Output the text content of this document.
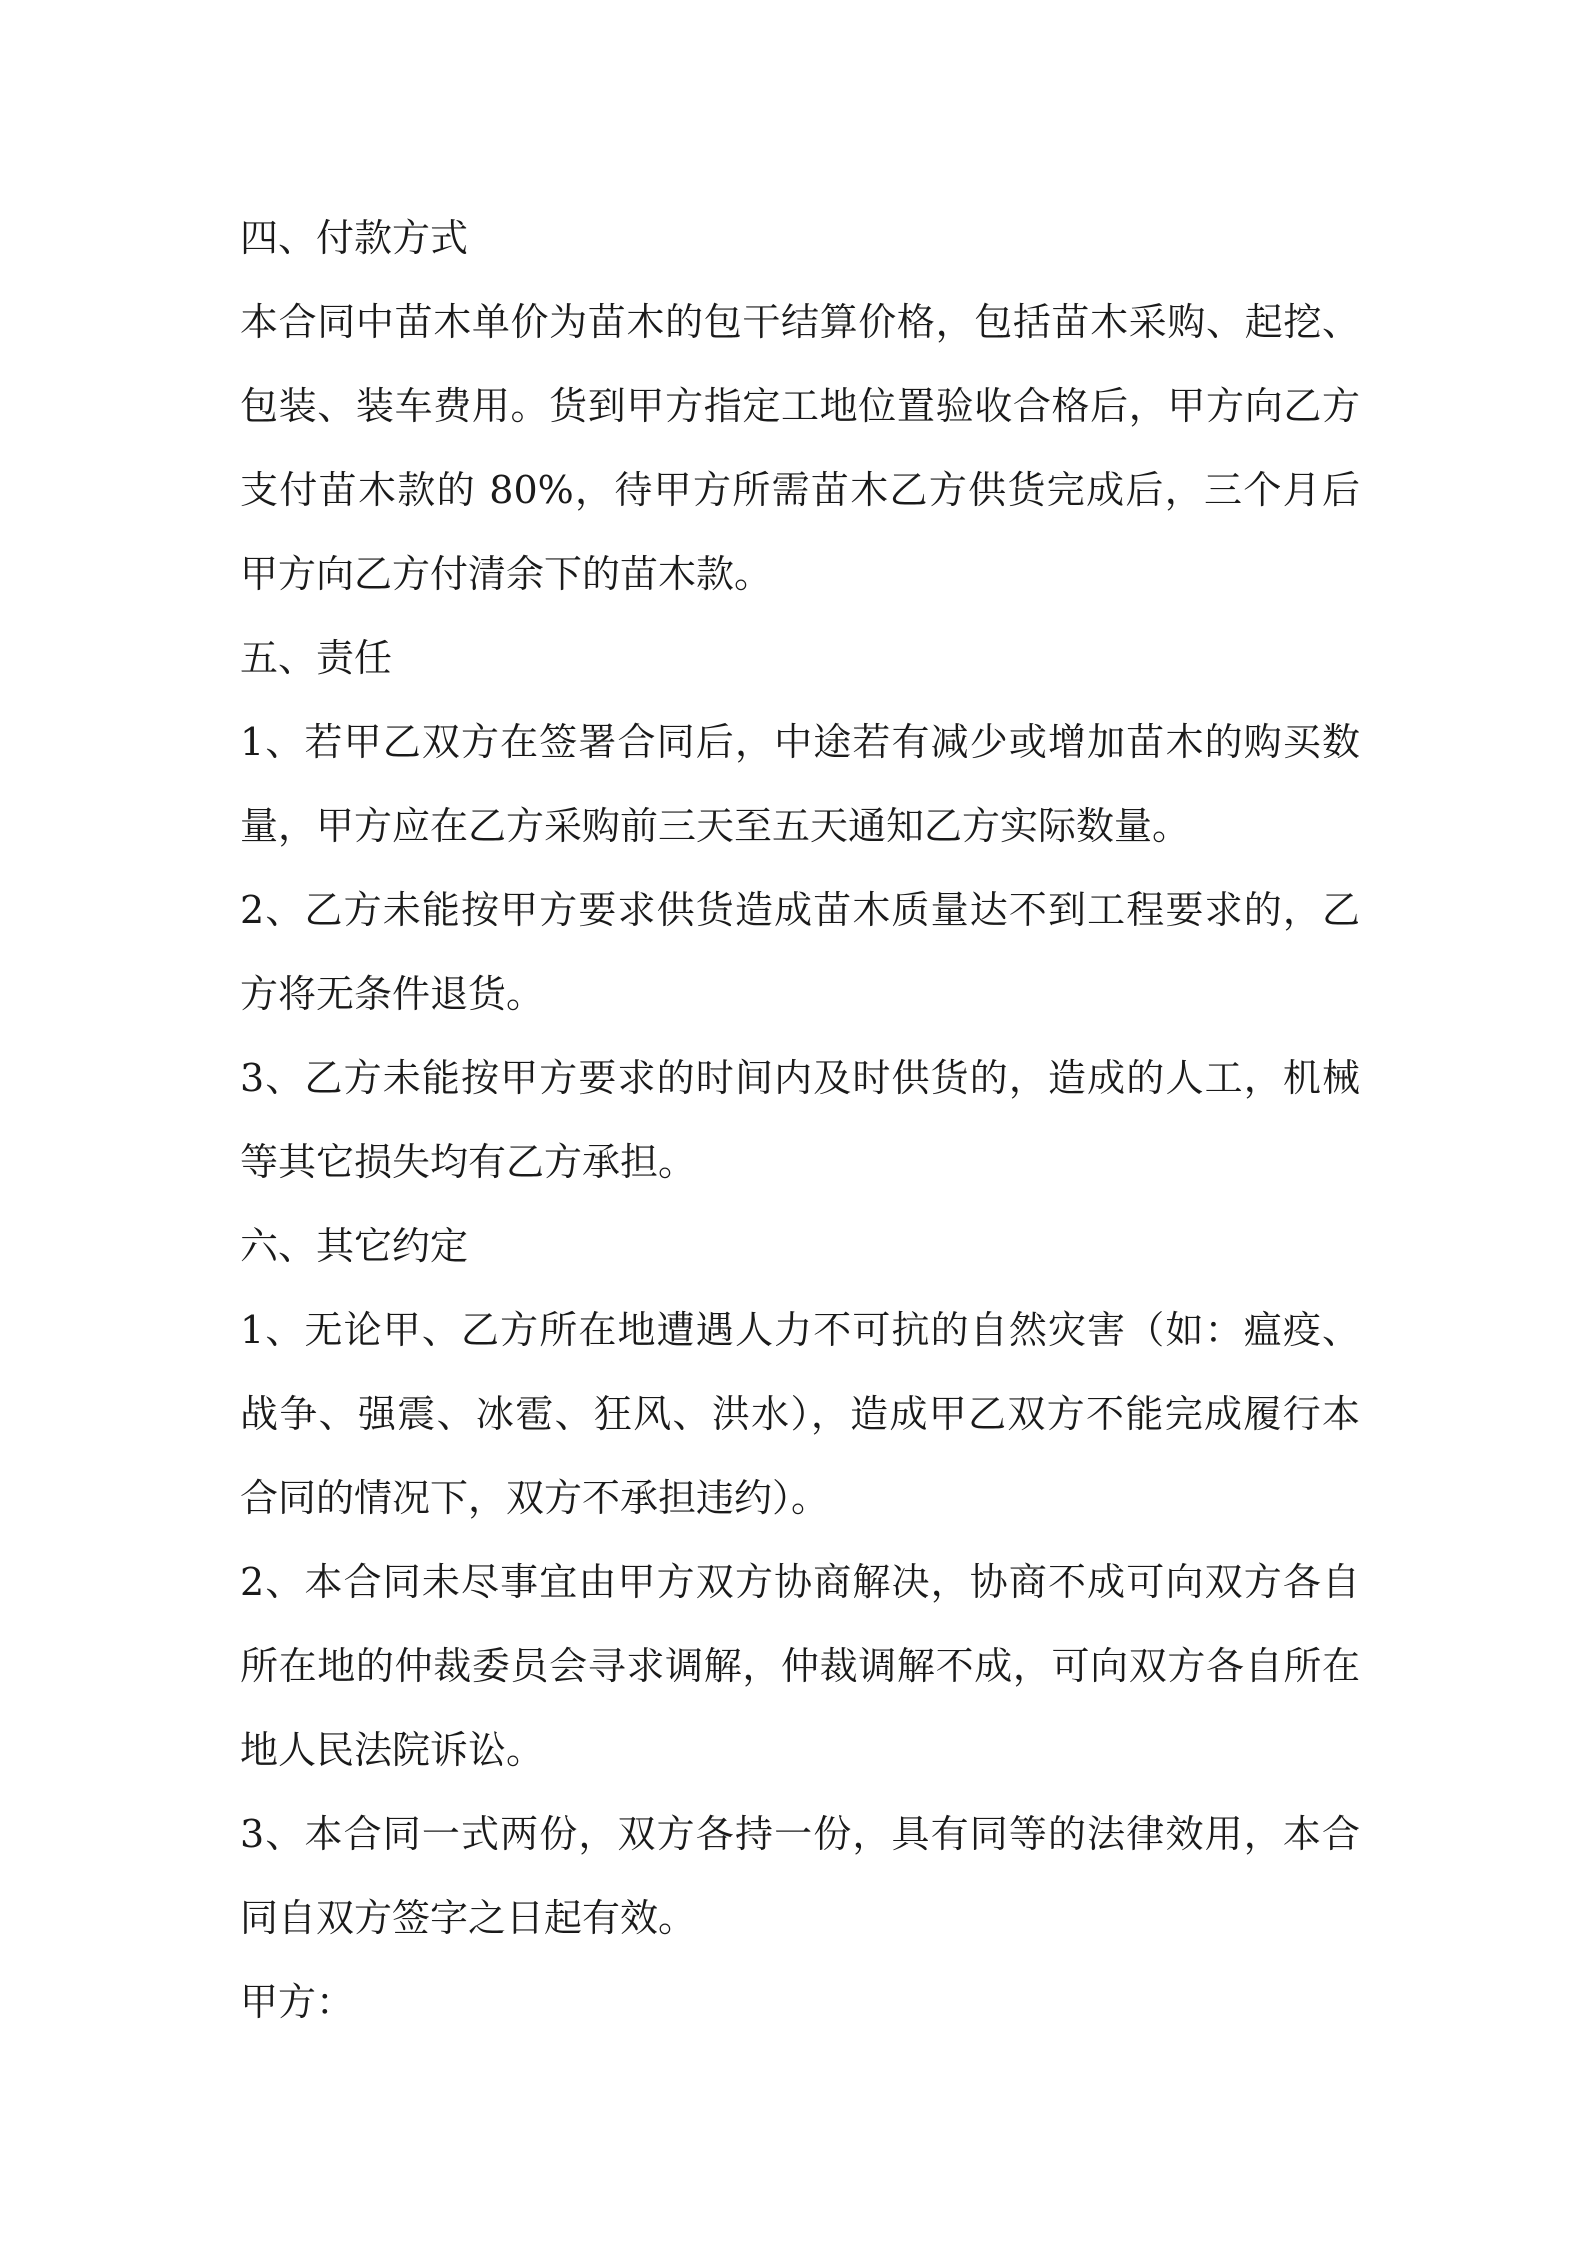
四、付款方式

本合同中苗木单价为苗木的包干结算价格，包括苗木采购、起挖、包装、装车费用。货到甲方指定工地位置验收合格后，甲方向乙方支付苗木款的 80%，待甲方所需苗木乙方供货完成后，三个月后甲方向乙方付清余下的苗木款。

五、责任

1、若甲乙双方在签署合同后，中途若有减少或增加苗木的购买数量，甲方应在乙方采购前三天至五天通知乙方实际数量。

2、乙方未能按甲方要求供货造成苗木质量达不到工程要求的，乙方将无条件退货。

3、乙方未能按甲方要求的时间内及时供货的，造成的人工，机械等其它损失均有乙方承担。

六、其它约定

1、无论甲、乙方所在地遭遇人力不可抗的自然灾害（如：瘟疫、战争、强震、冰雹、狂风、洪水），造成甲乙双方不能完成履行本合同的情况下，双方不承担违约）。

2、本合同未尽事宜由甲方双方协商解决，协商不成可向双方各自所在地的仲裁委员会寻求调解，仲裁调解不成，可向双方各自所在地人民法院诉讼。

3、本合同一式两份，双方各持一份，具有同等的法律效用，本合同自双方签字之日起有效。

甲方：
